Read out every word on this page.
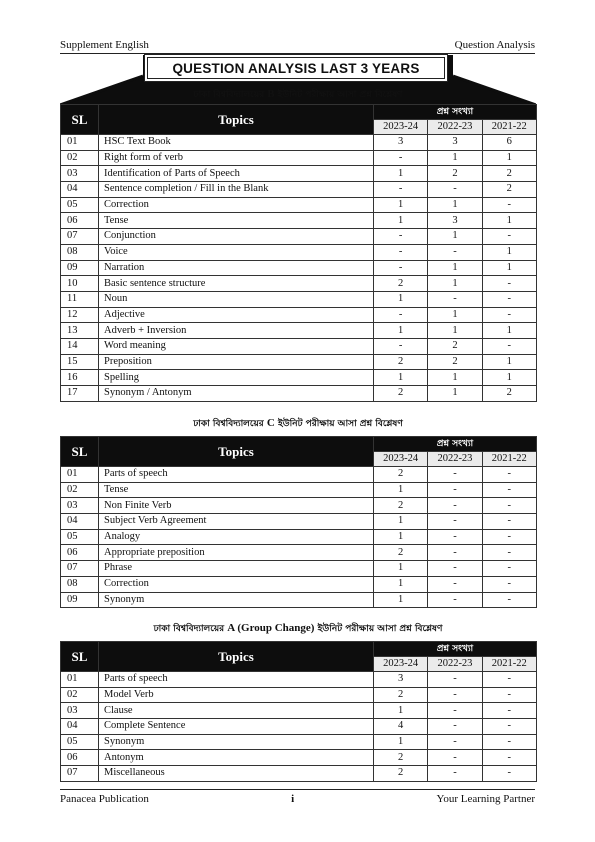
Supplement English	Question Analysis
QUESTION ANALYSIS LAST 3 YEARS
ঢাকা বিশ্ববিদ্যালয়ের B ইউনিট পরীক্ষায় আসা প্রশ্ন বিশ্লেষণ
SL	Topics	প্রশ্ন সংখ্যা		
		2023-24	2022-23	2021-22
01	HSC Text Book	3	3	6
02	Right form of verb	-	1	1
03	Identification of Parts of Speech	1	2	2
04	Sentence completion / Fill in the Blank	-	-	2
05	Correction	1	1	-
06	Tense	1	3	1
07	Conjunction	-	1	-
08	Voice	-	-	1
09	Narration	-	1	1
10	Basic sentence structure	2	1	-
11	Noun	1	-	-
12	Adjective	-	1	-
13	Adverb + Inversion	1	1	1
14	Word meaning	-	2	-
15	Preposition	2	2	1
16	Spelling	1	1	1
17	Synonym / Antonym	2	1	2
ঢাকা বিশ্ববিদ্যালয়ের C ইউনিট পরীক্ষায় আসা প্রশ্ন বিশ্লেষণ
SL	Topics	প্রশ্ন সংখ্যা		
		2023-24	2022-23	2021-22
01	Parts of speech	2	-	-
02	Tense	1	-	-
03	Non Finite Verb	2	-	-
04	Subject Verb Agreement	1	-	-
05	Analogy	1	-	-
06	Appropriate preposition	2	-	-
07	Phrase	1	-	-
08	Correction	1	-	-
09	Synonym	1	-	-
ঢাকা বিশ্ববিদ্যালয়ের A (Group Change) ইউনিট পরীক্ষায় আসা প্রশ্ন বিশ্লেষণ
SL	Topics	প্রশ্ন সংখ্যা		
		2023-24	2022-23	2021-22
01	Parts of speech	3	-	-
02	Model Verb	2	-	-
03	Clause	1	-	-
04	Complete Sentence	4	-	-
05	Synonym	1	-	-
06	Antonym	2	-	-
07	Miscellaneous	2	-	-
Panacea Publication	i	Your Learning Partner
